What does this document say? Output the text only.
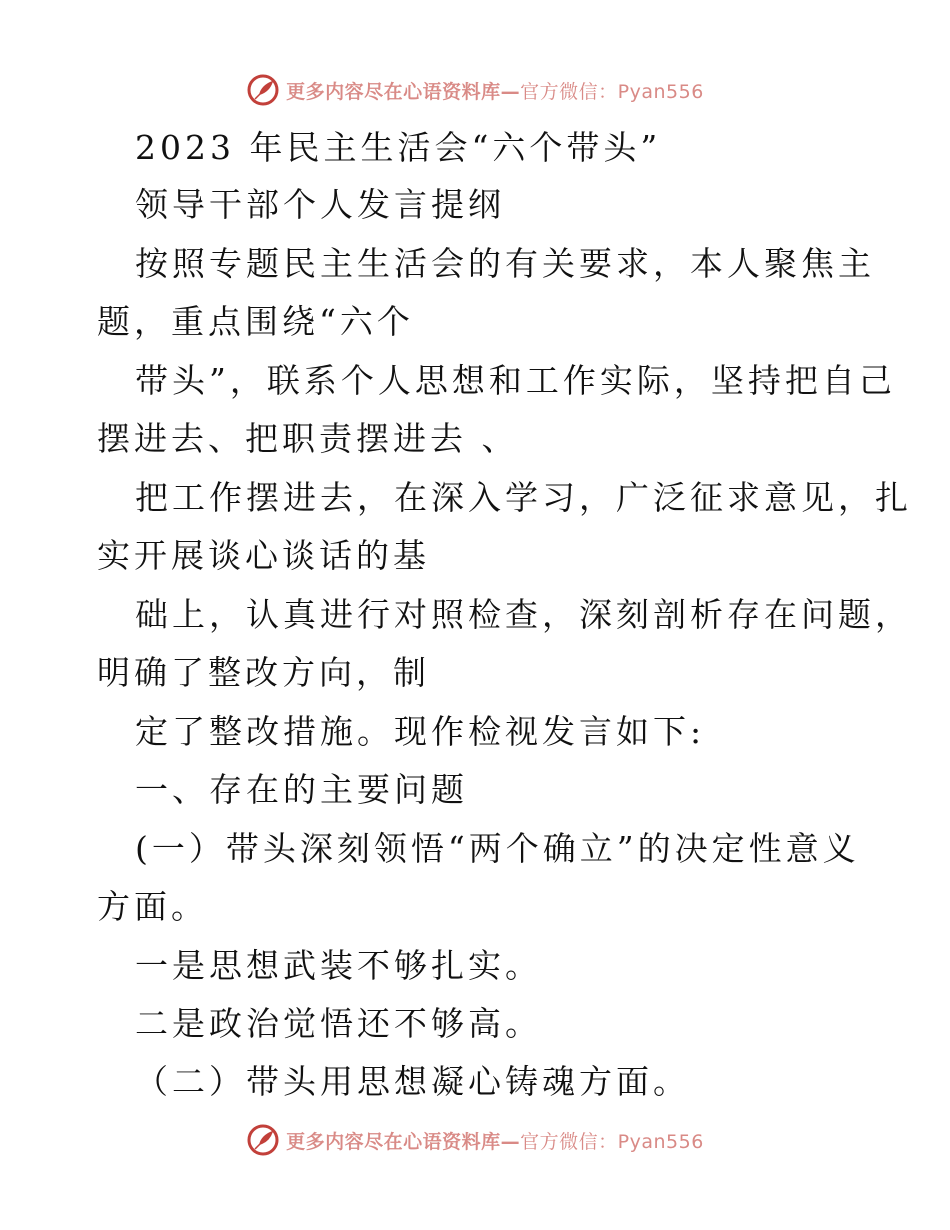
更多内容尽在心语资料库—官方微信：Pyan556
2023 年民主生活会“六个带头”
领导干部个人发言提纲
按照专题民主生活会的有关要求，本人聚焦主
题，重点围绕“六个
带头”，联系个人思想和工作实际，坚持把自己
摆进去、把职责摆进去 、
把工作摆进去，在深入学习，广泛征求意见，扎
实开展谈心谈话的基
础上，认真进行对照检查，深刻剖析存在问题，
明确了整改方向，制
定了整改措施。现作检视发言如下:
一、存在的主要问题
(一）带头深刻领悟“两个确立”的决定性意义
方面。
一是思想武装不够扎实。
二是政治觉悟还不够高。
（二）带头用思想凝心铸魂方面。
更多内容尽在心语资料库—官方微信：Pyan556
